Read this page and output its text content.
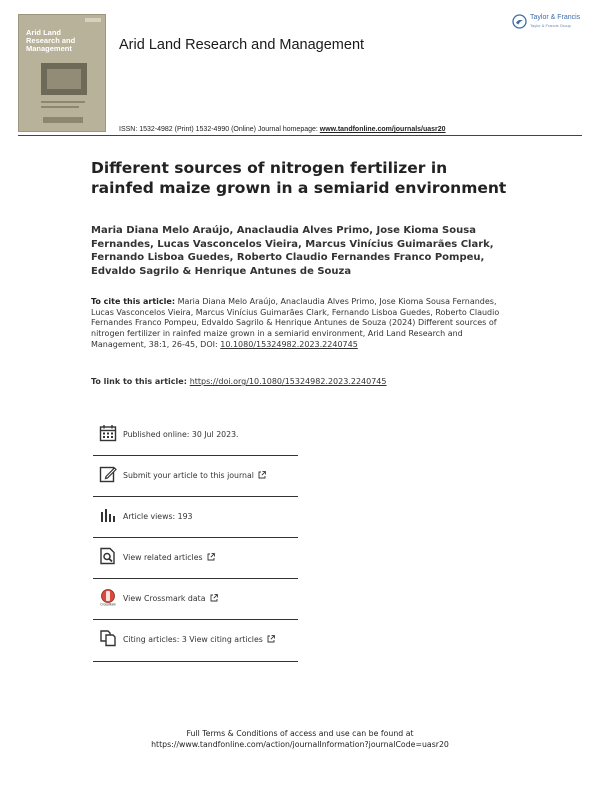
Arid Land
Research and
Management	Arid Land Research and Management
Taylor & Francis
Taylor & Francis Group
ISSN: 1532-4982 (Print) 1532-4990 (Online) Journal homepage: www.tandfonline.com/journals/uasr20
Different sources of nitrogen fertilizer in rainfed maize grown in a semiarid environment
Maria Diana Melo Araújo, Anaclaudia Alves Primo, Jose Kioma Sousa Fernandes, Lucas Vasconcelos Vieira, Marcus Vinícius Guimarães Clark, Fernando Lisboa Guedes, Roberto Claudio Fernandes Franco Pompeu, Edvaldo Sagrilo & Henrique Antunes de Souza
To cite this article: Maria Diana Melo Araújo, Anaclaudia Alves Primo, Jose Kioma Sousa Fernandes, Lucas Vasconcelos Vieira, Marcus Vinícius Guimarães Clark, Fernando Lisboa Guedes, Roberto Claudio Fernandes Franco Pompeu, Edvaldo Sagrilo & Henrique Antunes de Souza (2024) Different sources of nitrogen fertilizer in rainfed maize grown in a semiarid environment, Arid Land Research and Management, 38:1, 26-45, DOI: 10.1080/15324982.2023.2240745
To link to this article: https://doi.org/10.1080/15324982.2023.2240745
Published online: 30 Jul 2023.
Submit your article to this journal
Article views: 193
View related articles
CrossMark
View Crossmark data
Citing articles: 3 View citing articles
Full Terms & Conditions of access and use can be found at
https://www.tandfonline.com/action/journalInformation?journalCode=uasr20
